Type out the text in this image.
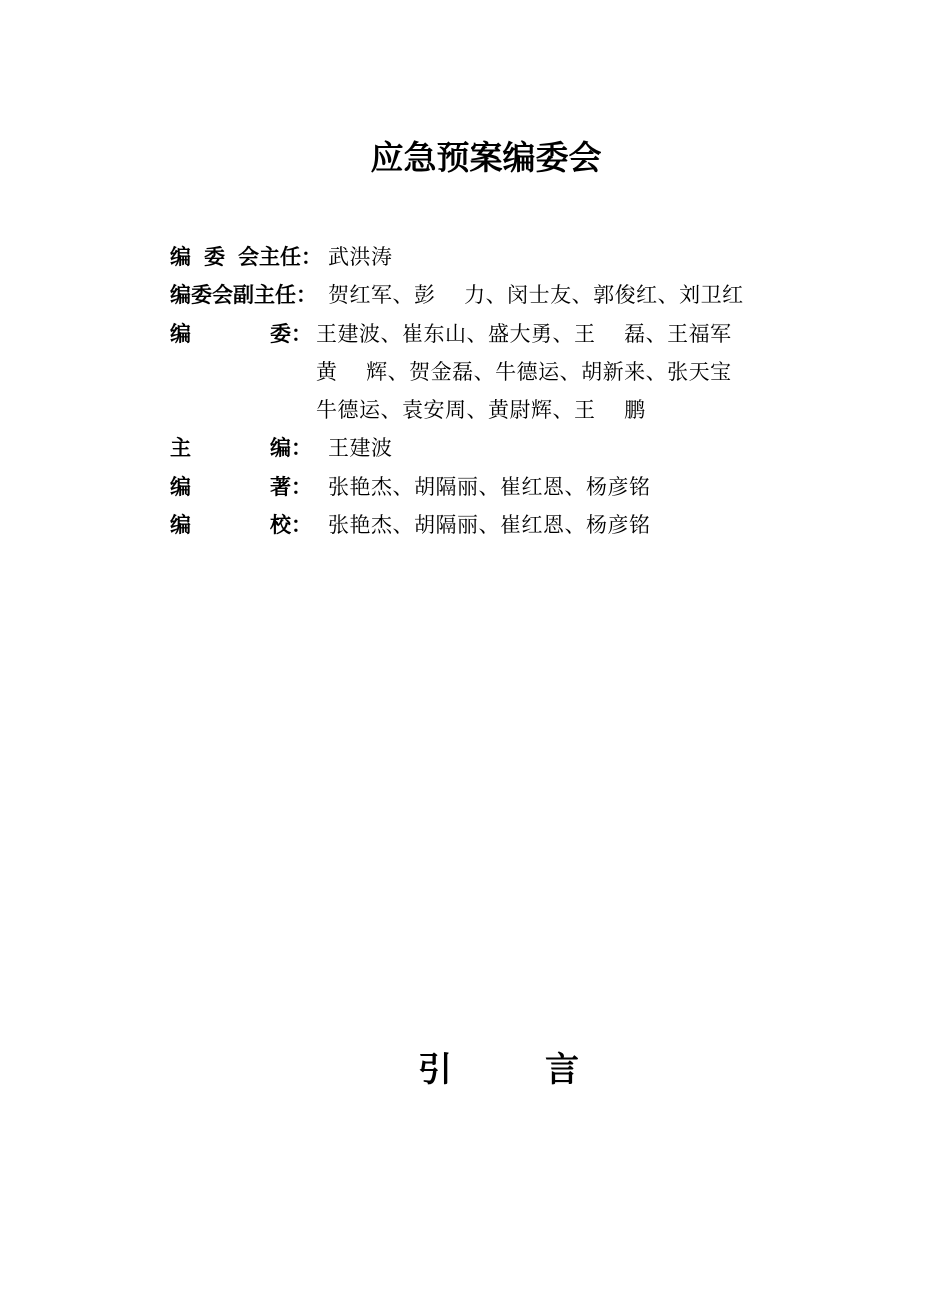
应急预案编委会
编 委 会主任： 武洪涛
编委会副主任： 贺红军、彭　 力、闵士友、郭俊红、刘卫红
编	委： 王建波、崔东山、盛大勇、王　 磊、王福军
黄　 辉、贺金磊、牛德运、胡新来、张天宝
牛德运、袁安周、黄尉辉、王　 鹏
主	编： 王建波
编	著： 张艳杰、胡隔丽、崔红恩、杨彦铭
编	校： 张艳杰、胡隔丽、崔红恩、杨彦铭
引	言
